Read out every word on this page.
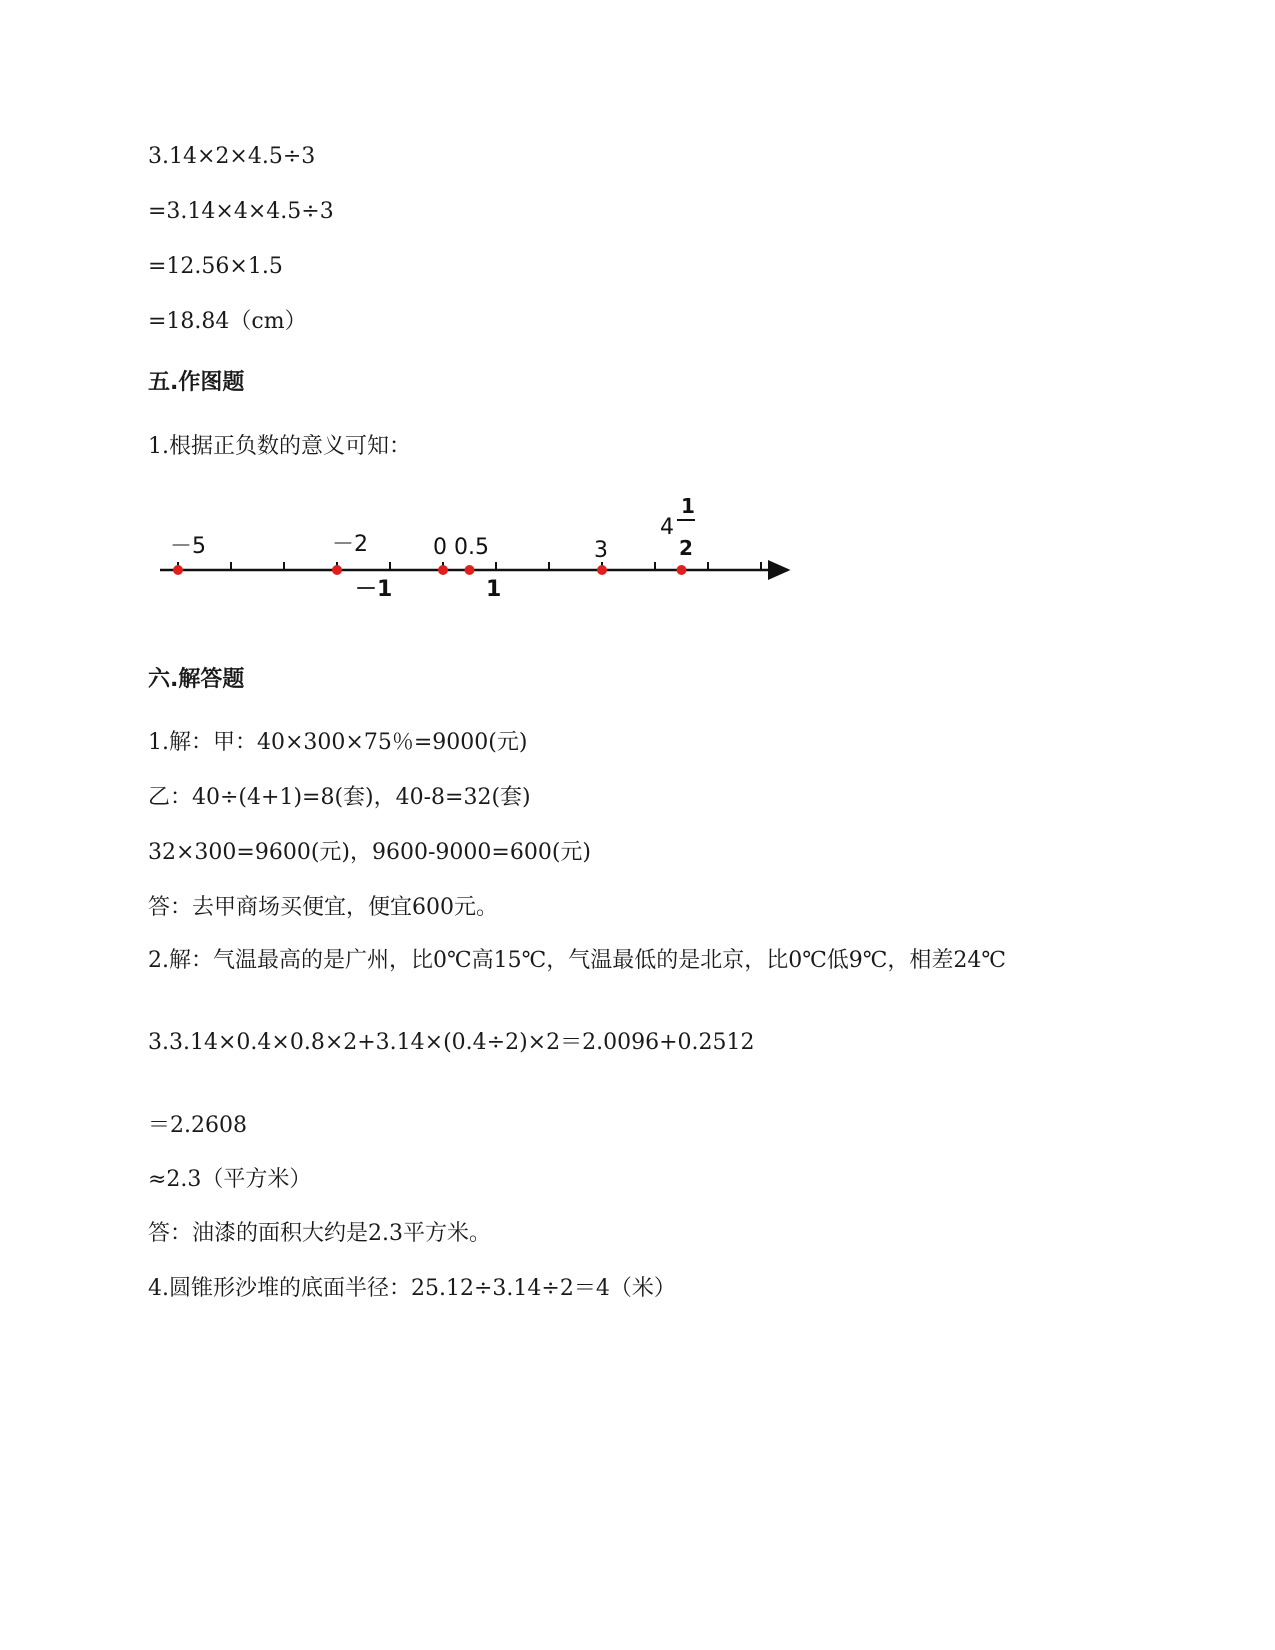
3.14×2×4.5÷3
=3.14×4×4.5÷3
=12.56×1.5
=18.84（cm）
五.作图题
1.根据正负数的意义可知：
－5	－2	0 0.5	3
4
1
2
－1	1
六.解答题
1.解：甲：40×300×75％=9000(元)
乙：40÷(4+1)=8(套)，40-8=32(套)
32×300=9600(元)，9600-9000=600(元)
答：去甲商场买便宜，便宜600元。
2.解：气温最高的是广州，比0℃高15℃，气温最低的是北京，比0℃低9℃，相差24℃
3.3.14×0.4×0.8×2+3.14×(0.4÷2)×2＝2.0096+0.2512
＝2.2608
≈2.3（平方米）
答：油漆的面积大约是2.3平方米。
4.圆锥形沙堆的底面半径：25.12÷3.14÷2＝4（米）
